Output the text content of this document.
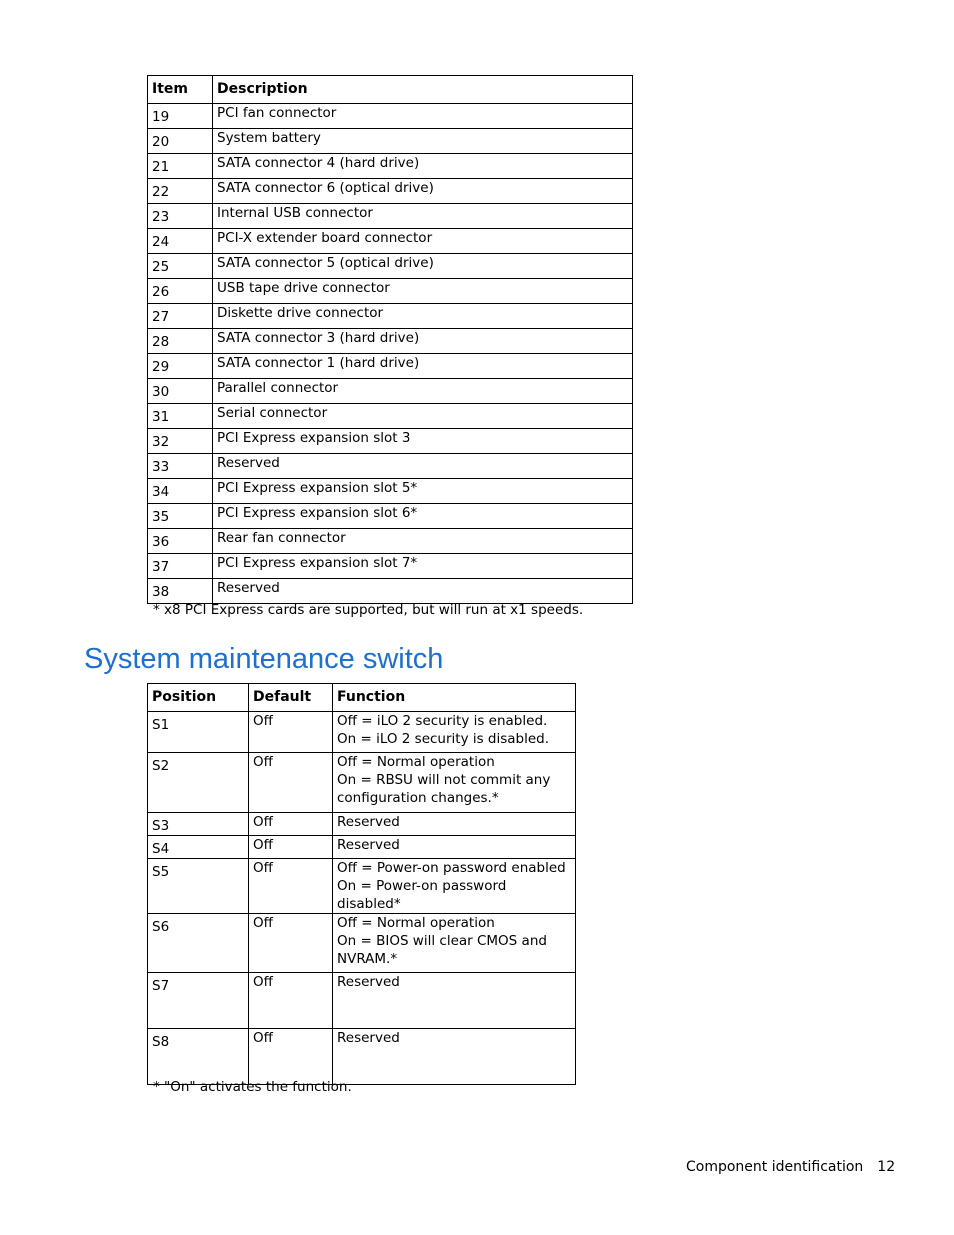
Item	Description
19	PCI fan connector
20	System battery
21	SATA connector 4 (hard drive)
22	SATA connector 6 (optical drive)
23	Internal USB connector
24	PCI-X extender board connector
25	SATA connector 5 (optical drive)
26	USB tape drive connector
27	Diskette drive connector
28	SATA connector 3 (hard drive)
29	SATA connector 1 (hard drive)
30	Parallel connector
31	Serial connector
32	PCI Express expansion slot 3
33	Reserved
34	PCI Express expansion slot 5*
35	PCI Express expansion slot 6*
36	Rear fan connector
37	PCI Express expansion slot 7*
38	Reserved
* x8 PCI Express cards are supported, but will run at x1 speeds.
System maintenance switch
Position	Default	Function
S1	Off	Off = iLO 2 security is enabled.
On = iLO 2 security is disabled.

S2	Off	Off = Normal operation
On = RBSU will not commit any
configuration changes.*

S3	Off	Reserved

S4	Off	Reserved

S5	Off	Off = Power-on password enabled
On = Power-on password disabled*

S6	Off	Off = Normal operation
On = BIOS will clear CMOS and
NVRAM.*

S7	Off	Reserved

S8	Off	Reserved
* "On" activates the function.
Component identification 12
